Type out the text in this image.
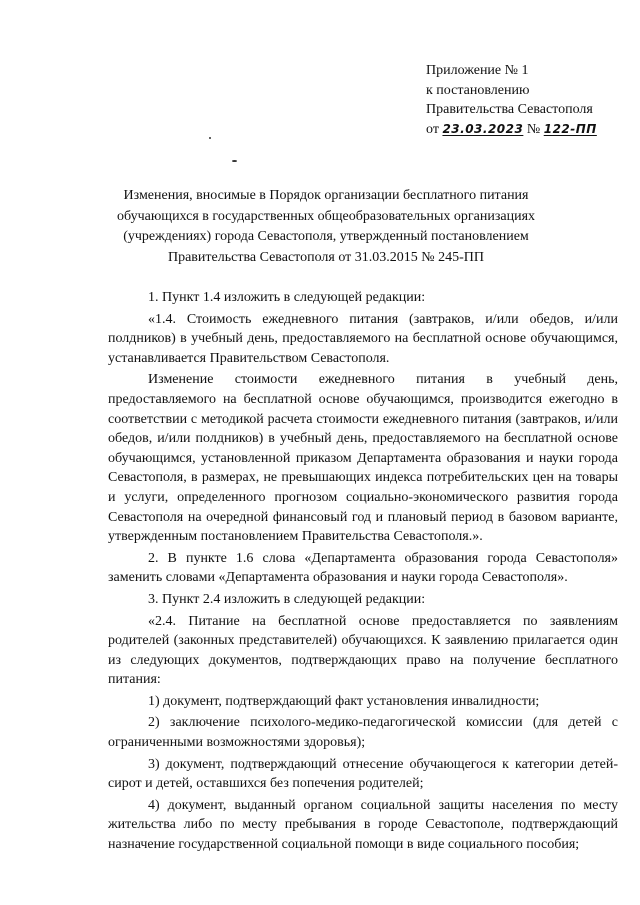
Приложение № 1
к постановлению
Правительства Севастополя
от 23.03.2023 № 122-ПП
Изменения, вносимые в Порядок организации бесплатного питания
обучающихся в государственных общеобразовательных организациях
(учреждениях) города Севастополя, утвержденный постановлением
Правительства Севастополя от 31.03.2015 № 245-ПП

1. Пункт 1.4 изложить в следующей редакции:

«1.4. Стоимость ежедневного питания (завтраков, и/или обедов, и/или полдников) в учебный день, предоставляемого на бесплатной основе обучающимся, устанавливается Правительством Севастополя.

Изменение стоимости ежедневного питания в учебный день, предоставляемого на бесплатной основе обучающимся, производится ежегодно в соответствии с методикой расчета стоимости ежедневного питания (завтраков, и/или обедов, и/или полдников) в учебный день, предоставляемого на бесплатной основе обучающимся, установленной приказом Департамента образования и науки города Севастополя, в размерах, не превышающих индекса потребительских цен на товары и услуги, определенного прогнозом социально-экономического развития города Севастополя на очередной финансовый год и плановый период в базовом варианте, утвержденным постановлением Правительства Севастополя.».

2. В пункте 1.6 слова «Департамента образования города Севастополя» заменить словами «Департамента образования и науки города Севастополя».

3. Пункт 2.4 изложить в следующей редакции:

«2.4. Питание на бесплатной основе предоставляется по заявлениям родителей (законных представителей) обучающихся. К заявлению прилагается один из следующих документов, подтверждающих право на получение бесплатного питания:

1) документ, подтверждающий факт установления инвалидности;

2) заключение психолого-медико-педагогической комиссии (для детей с ограниченными возможностями здоровья);

3) документ, подтверждающий отнесение обучающегося к категории детей-сирот и детей, оставшихся без попечения родителей;

4) документ, выданный органом социальной защиты населения по месту жительства либо по месту пребывания в городе Севастополе, подтверждающий назначение государственной социальной помощи в виде социального пособия;
